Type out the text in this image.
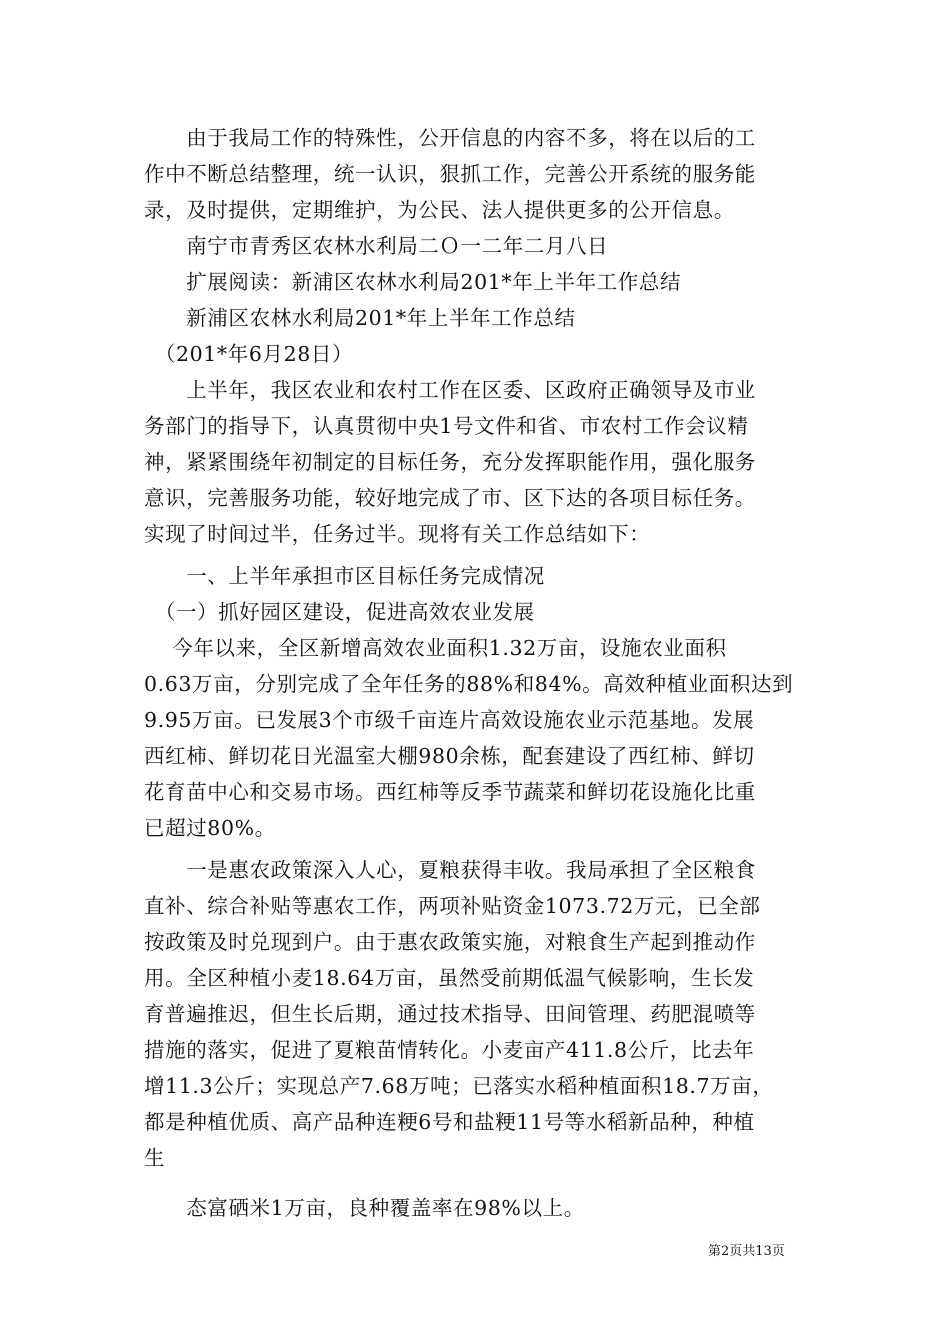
　　由于我局工作的特殊性，公开信息的内容不多，将在以后的工
作中不断总结整理，统一认识，狠抓工作，完善公开系统的服务能
录，及时提供，定期维护，为公民、法人提供更多的公开信息。
　　南宁市青秀区农林水利局二Ｏ一二年二月八日
　　扩展阅读：新浦区农林水利局201*年上半年工作总结
　　新浦区农林水利局201*年上半年工作总结
　（201*年6月28日）
　　上半年，我区农业和农村工作在区委、区政府正确领导及市业
务部门的指导下，认真贯彻中央1号文件和省、市农村工作会议精
神，紧紧围绕年初制定的目标任务，充分发挥职能作用，强化服务
意识，完善服务功能，较好地完成了市、区下达的各项目标任务。
实现了时间过半，任务过半。现将有关工作总结如下：
　　一、上半年承担市区目标任务完成情况
　（一）抓好园区建设，促进高效农业发展
　 今年以来，全区新增高效农业面积1.32万亩，设施农业面积
0.63万亩，分别完成了全年任务的88%和84%。高效种植业面积达到
9.95万亩。已发展3个市级千亩连片高效设施农业示范基地。发展
西红柿、鲜切花日光温室大棚980余栋，配套建设了西红柿、鲜切
花育苗中心和交易市场。西红柿等反季节蔬菜和鲜切花设施化比重
已超过80%。
　　一是惠农政策深入人心，夏粮获得丰收。我局承担了全区粮食
直补、综合补贴等惠农工作，两项补贴资金1073.72万元，已全部
按政策及时兑现到户。由于惠农政策实施，对粮食生产起到推动作
用。全区种植小麦18.64万亩，虽然受前期低温气候影响，生长发
育普遍推迟，但生长后期，通过技术指导、田间管理、药肥混喷等
措施的落实，促进了夏粮苗情转化。小麦亩产411.8公斤，比去年
增11.3公斤；实现总产7.68万吨；已落实水稻种植面积18.7万亩，
都是种植优质、高产品种连粳6号和盐粳11号等水稻新品种，种植
生
　　态富硒米1万亩，良种覆盖率在98%以上。
第2页共13页
